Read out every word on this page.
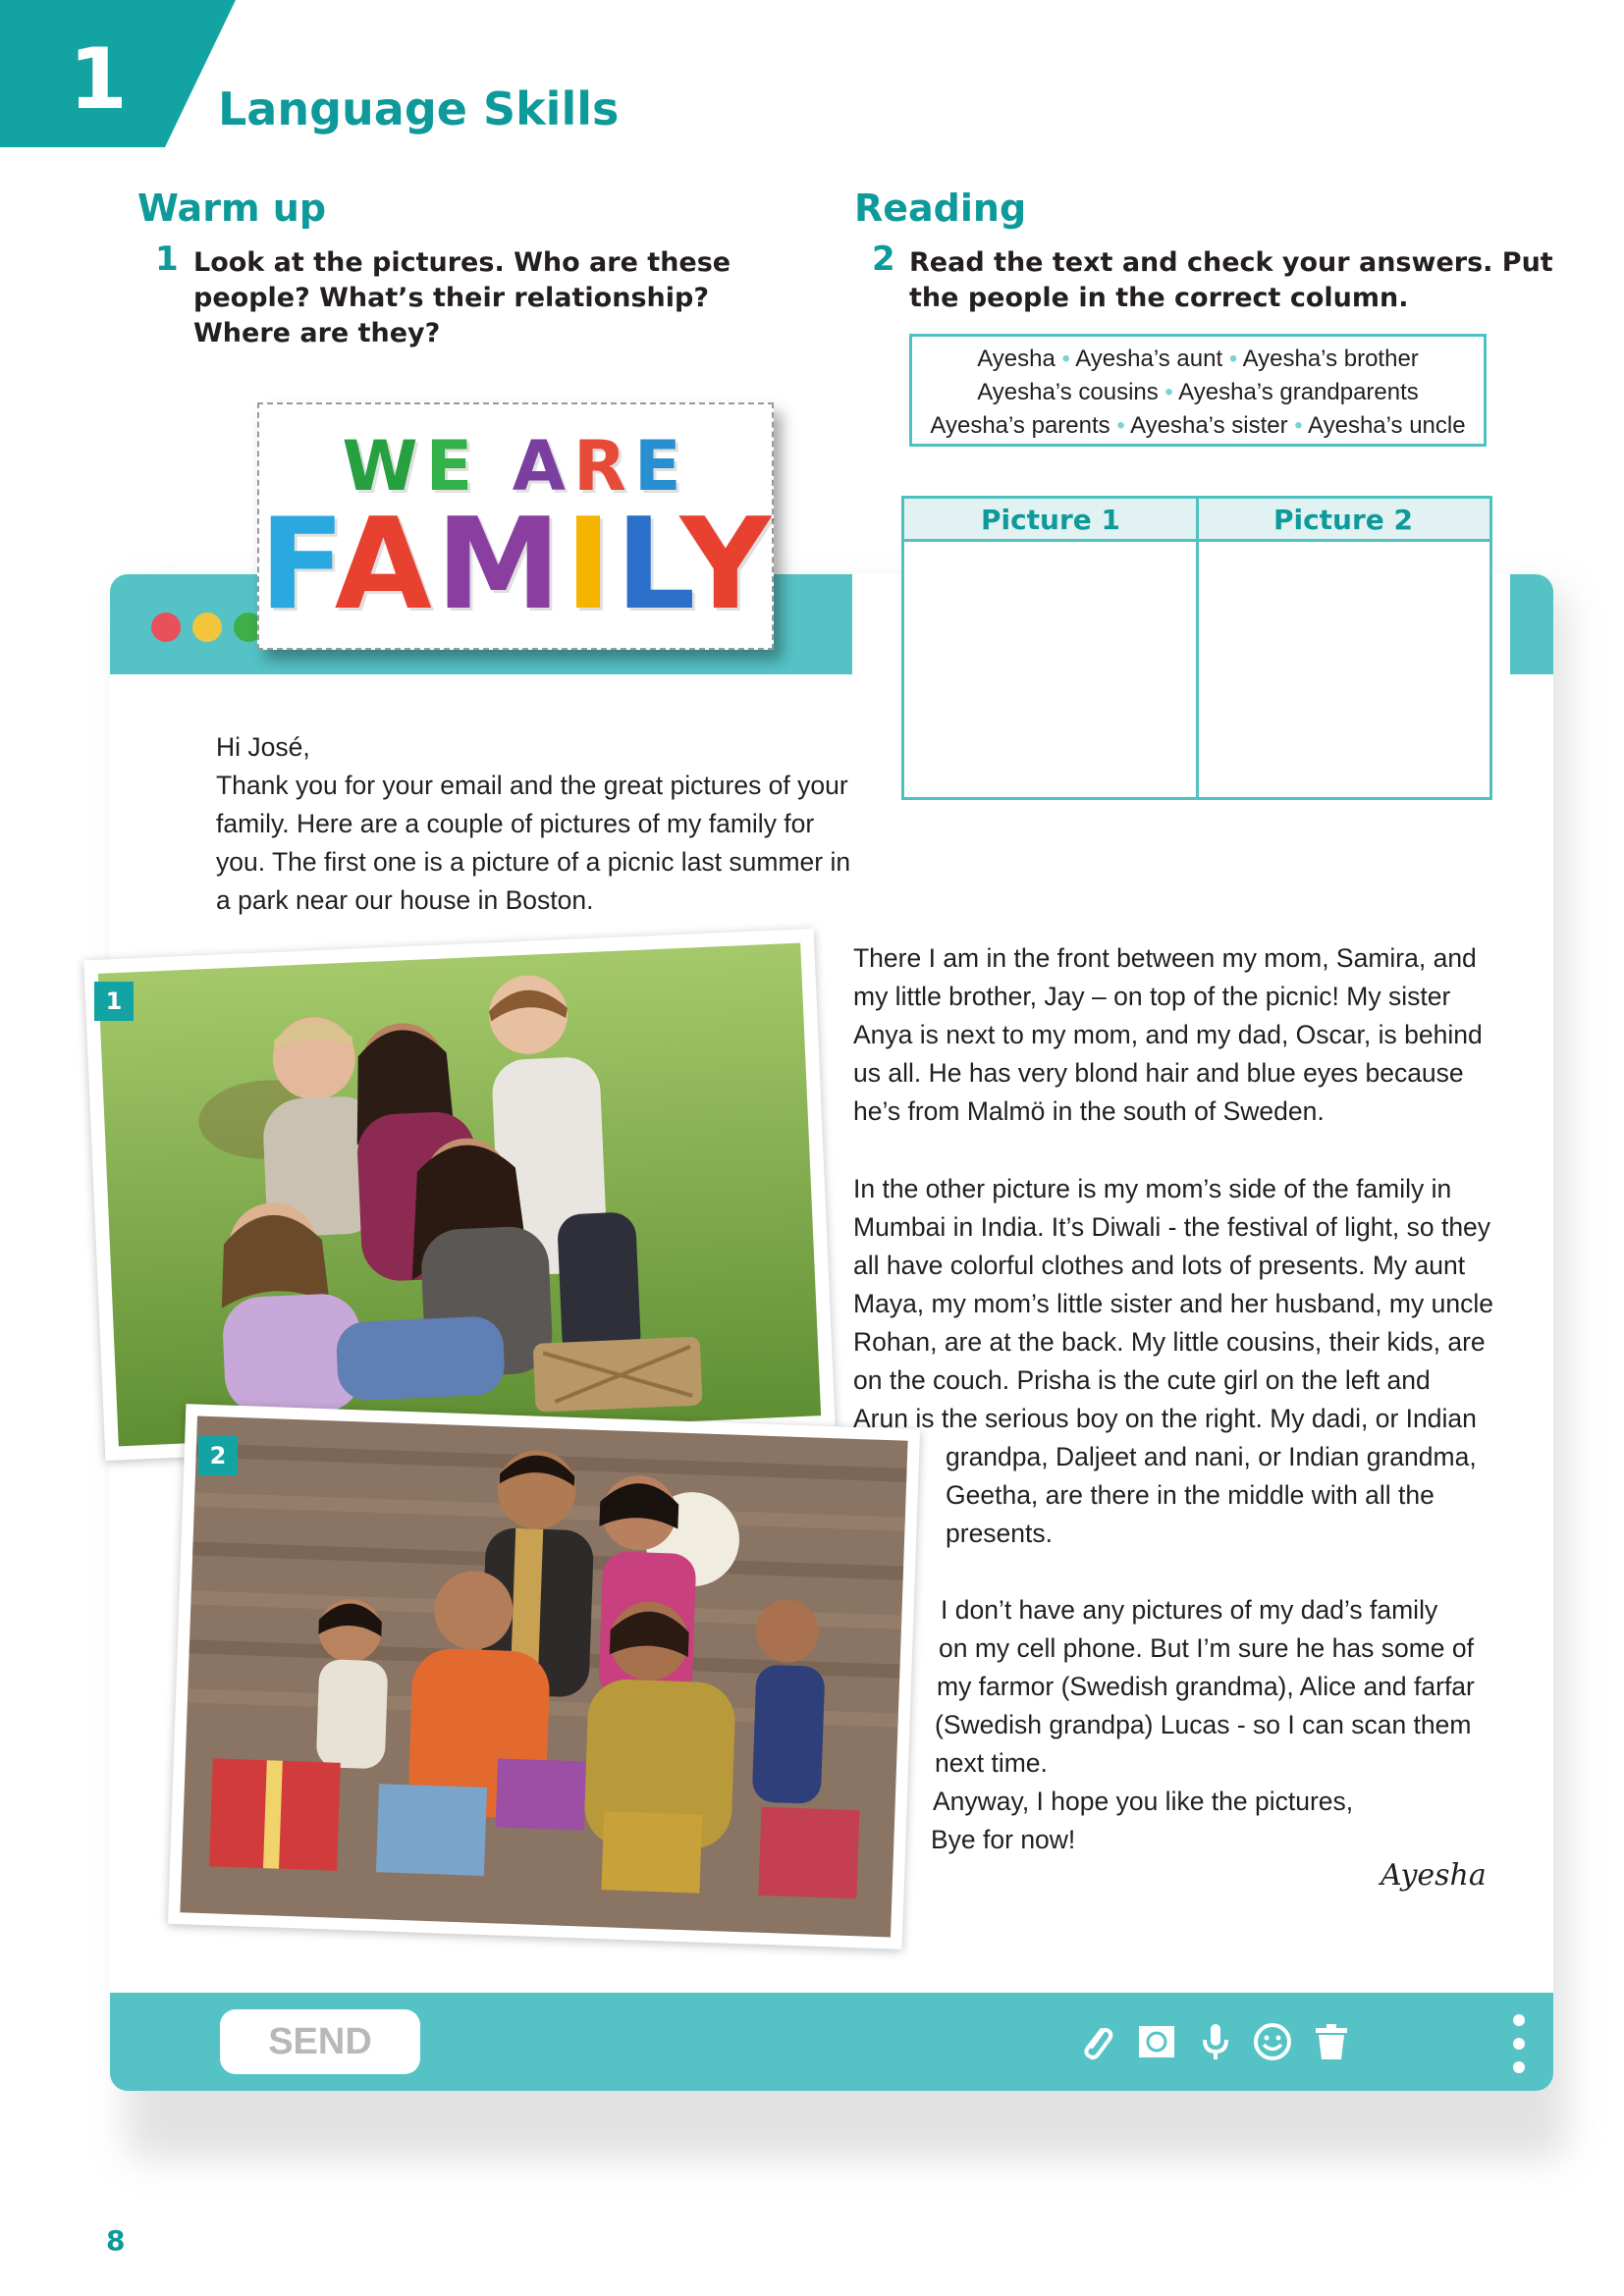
1 Language Skills
Warm up
1 Look at the pictures. Who are these
people? What’s their relationship?
Where are they?
Reading
2 Read the text and check your answers. Put
the people in the correct column.
Ayesha • Ayesha’s aunt • Ayesha’s brother
Ayesha’s cousins • Ayesha’s grandparents
Ayesha’s parents • Ayesha’s sister • Ayesha’s uncle
Picture 1	Picture 2
WE ARE
FAMILY
Hi José,
Thank you for your email and the great pictures of your
family. Here are a couple of pictures of my family for
you. The first one is a picture of a picnic last summer in
a park near our house in Boston.
There I am in the front between my mom, Samira, and
my little brother, Jay – on top of the picnic! My sister
Anya is next to my mom, and my dad, Oscar, is behind
us all. He has very blond hair and blue eyes because
he’s from Malmö in the south of Sweden.
In the other picture is my mom’s side of the family in
Mumbai in India. It’s Diwali - the festival of light, so they
all have colorful clothes and lots of presents. My aunt
Maya, my mom’s little sister and her husband, my uncle
Rohan, are at the back. My little cousins, their kids, are
on the couch. Prisha is the cute girl on the left and
Arun is the serious boy on the right. My dadi, or Indian
grandpa, Daljeet and nani, or Indian grandma,
Geetha, are there in the middle with all the
presents.
I don’t have any pictures of my dad’s family
on my cell phone. But I’m sure he has some of
my farmor (Swedish grandma), Alice and farfar
(Swedish grandpa) Lucas - so I can scan them
next time.
Anyway, I hope you like the pictures,
Bye for now!
Ayesha
1
2
SEND
8
